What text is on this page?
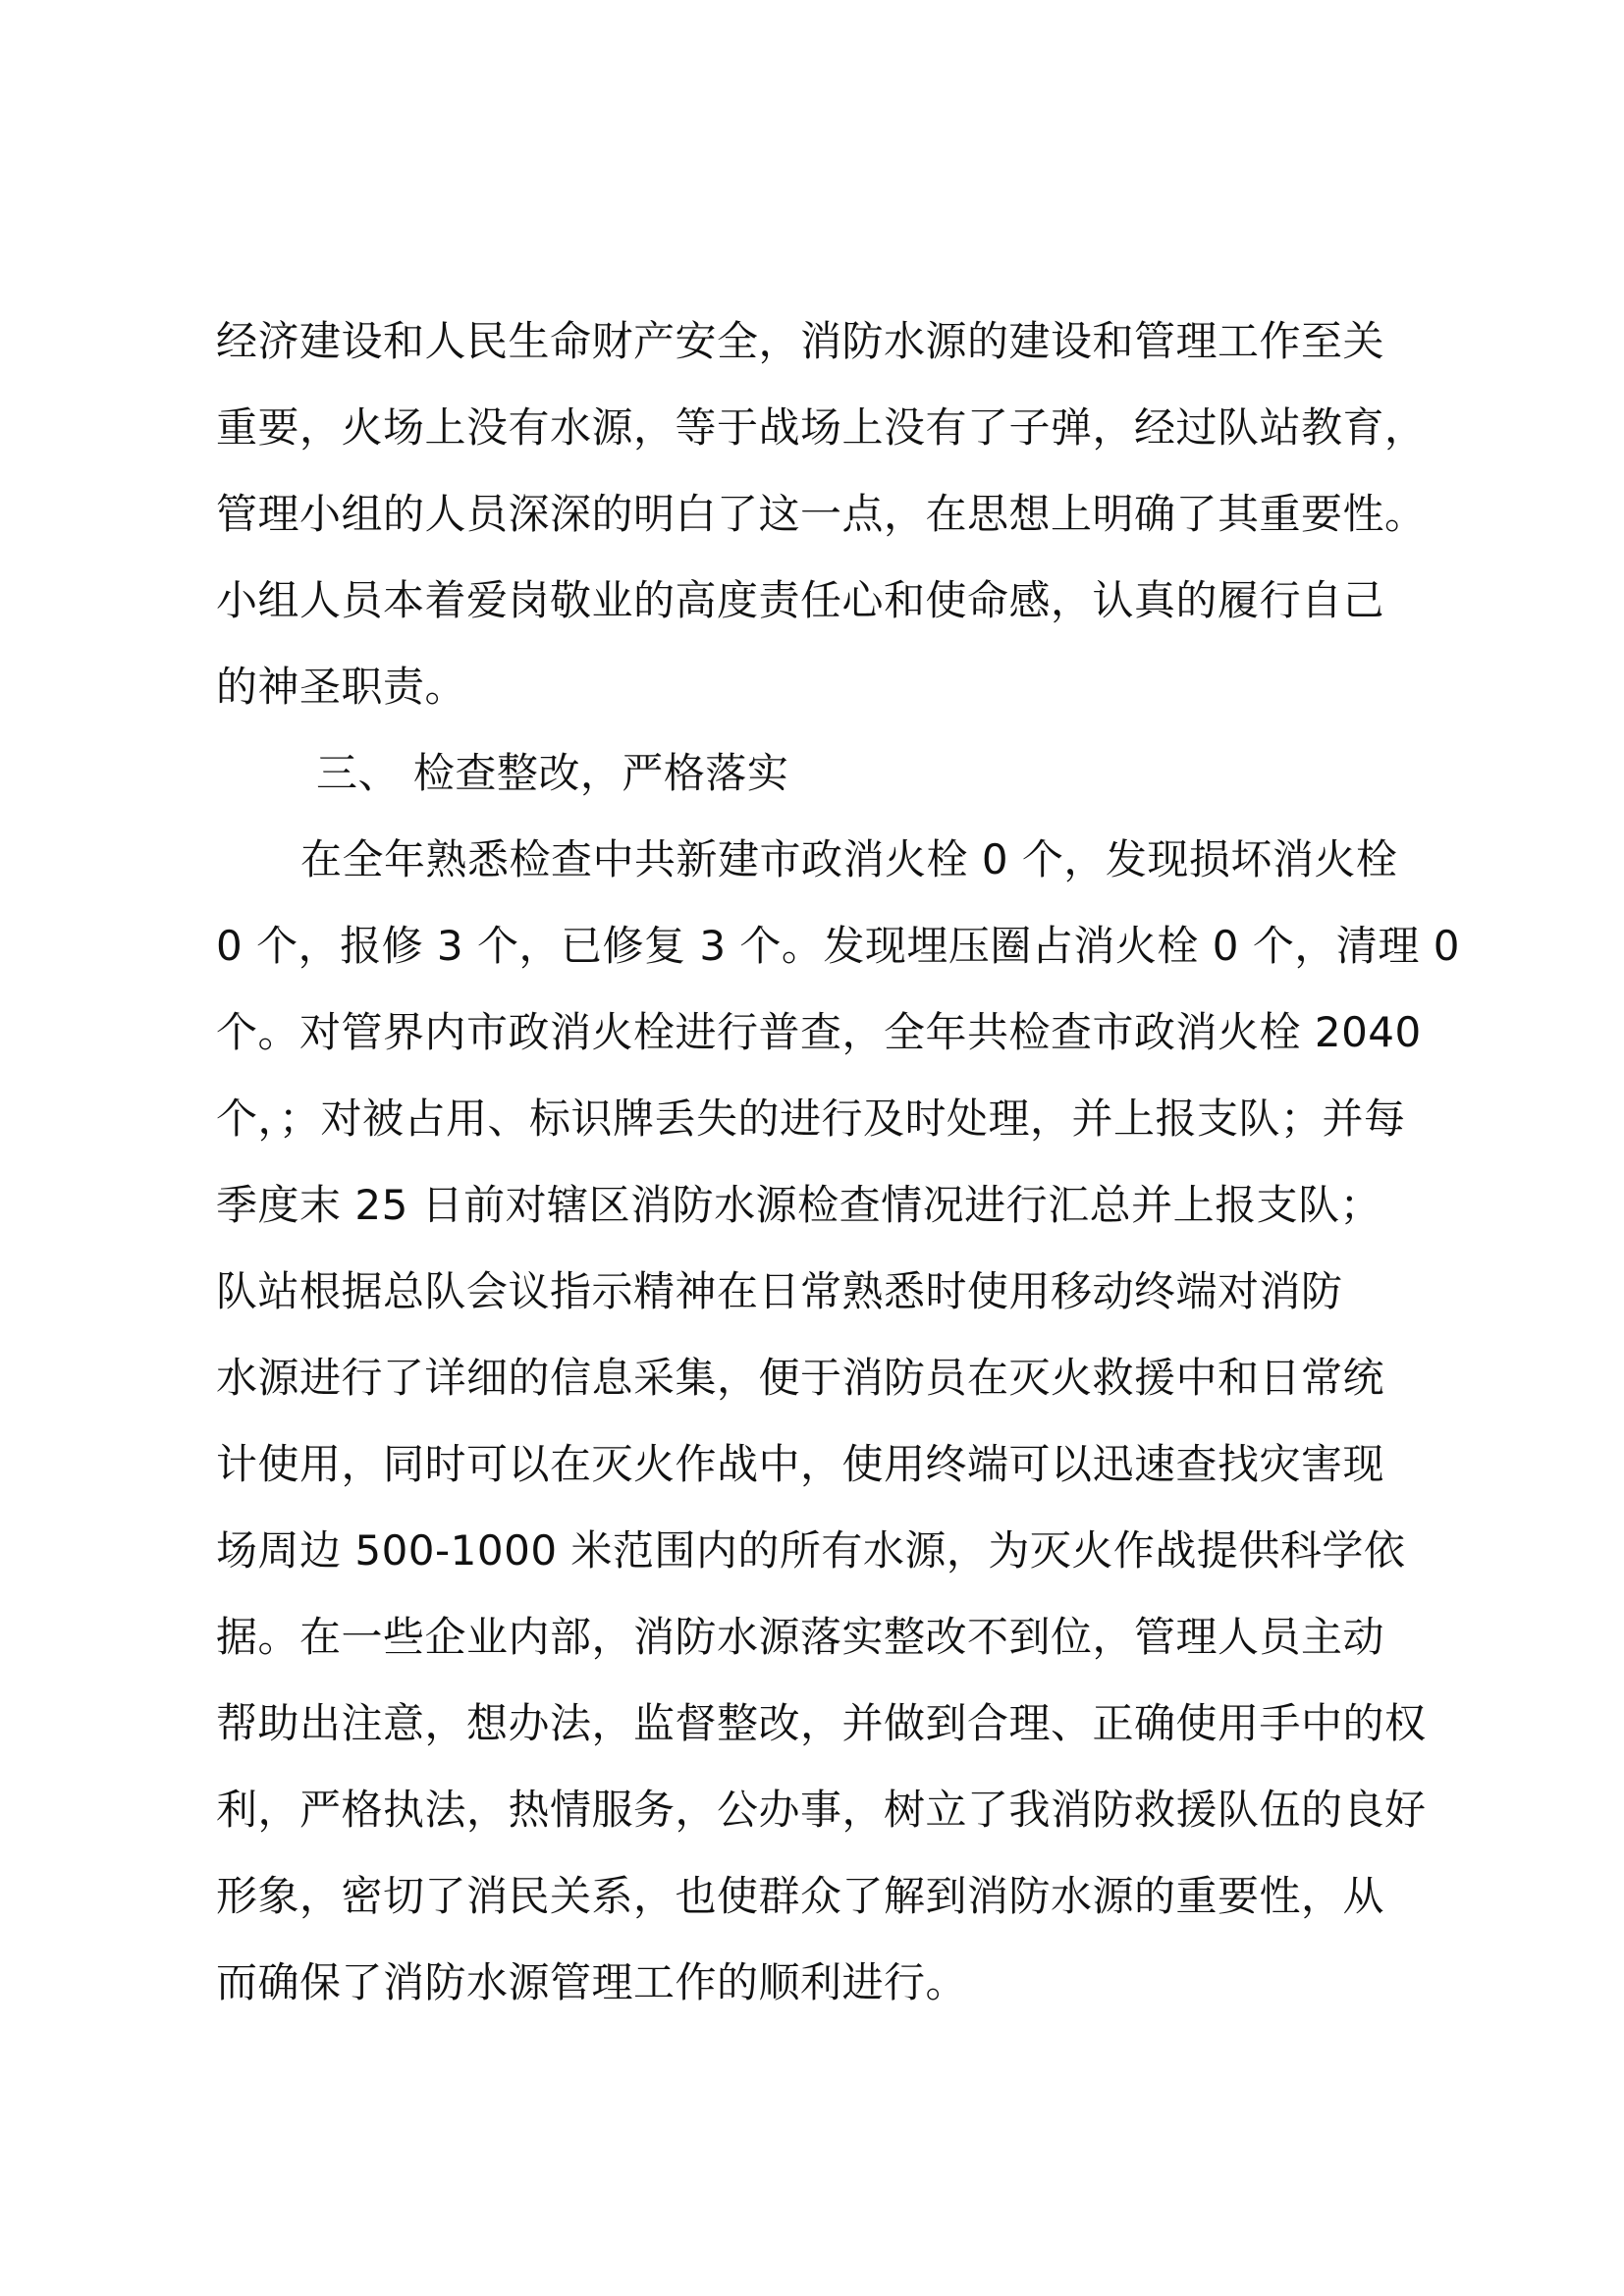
经济建设和人民生命财产安全，消防水源的建设和管理工作至关
重要，火场上没有水源，等于战场上没有了子弹，经过队站教育，
管理小组的人员深深的明白了这一点，在思想上明确了其重要性。
小组人员本着爱岗敬业的高度责任心和使命感，认真的履行自己
的神圣职责。
三、 检查整改，严格落实
在全年熟悉检查中共新建市政消火栓 0 个，发现损坏消火栓
0 个，报修 3 个，已修复 3 个。发现埋压圈占消火栓 0 个，清理 0
个。对管界内市政消火栓进行普查，全年共检查市政消火栓 2040
个，；对被占用、标识牌丢失的进行及时处理，并上报支队；并每
季度末 25 日前对辖区消防水源检查情况进行汇总并上报支队；
队站根据总队会议指示精神在日常熟悉时使用移动终端对消防
水源进行了详细的信息采集，便于消防员在灭火救援中和日常统
计使用，同时可以在灭火作战中，使用终端可以迅速查找灾害现
场周边 500-1000 米范围内的所有水源，为灭火作战提供科学依
据。在一些企业内部，消防水源落实整改不到位，管理人员主动
帮助出注意，想办法，监督整改，并做到合理、正确使用手中的权
利，严格执法，热情服务，公办事，树立了我消防救援队伍的良好
形象，密切了消民关系，也使群众了解到消防水源的重要性，从
而确保了消防水源管理工作的顺利进行。
